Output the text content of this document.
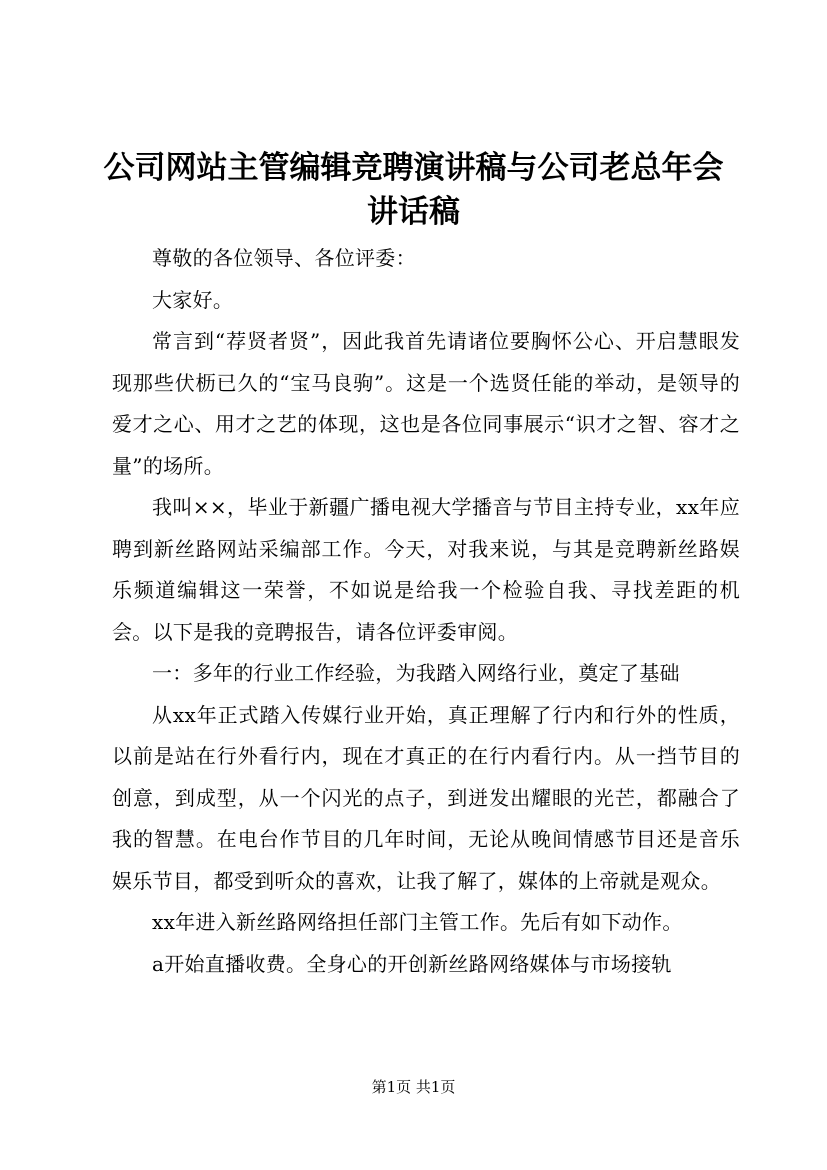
公司网站主管编辑竞聘演讲稿与公司老总年会讲话稿

尊敬的各位领导、各位评委：

大家好。

常言到“荐贤者贤”，因此我首先请诸位要胸怀公心、开启慧眼发现那些伏枥已久的“宝马良驹”。这是一个选贤任能的举动，是领导的爱才之心、用才之艺的体现，这也是各位同事展示“识才之智、容才之量”的场所。

我叫××，毕业于新疆广播电视大学播音与节目主持专业，xx年应聘到新丝路网站采编部工作。今天，对我来说，与其是竞聘新丝路娱乐频道编辑这一荣誉，不如说是给我一个检验自我、寻找差距的机会。以下是我的竞聘报告，请各位评委审阅。

一：多年的行业工作经验，为我踏入网络行业，奠定了基础

从xx年正式踏入传媒行业开始，真正理解了行内和行外的性质，以前是站在行外看行内，现在才真正的在行内看行内。从一挡节目的创意，到成型，从一个闪光的点子，到迸发出耀眼的光芒，都融合了我的智慧。在电台作节目的几年时间，无论从晚间情感节目还是音乐娱乐节目，都受到听众的喜欢，让我了解了，媒体的上帝就是观众。

xx年进入新丝路网络担任部门主管工作。先后有如下动作。

a开始直播收费。全身心的开创新丝路网络媒体与市场接轨

第1页 共1页
